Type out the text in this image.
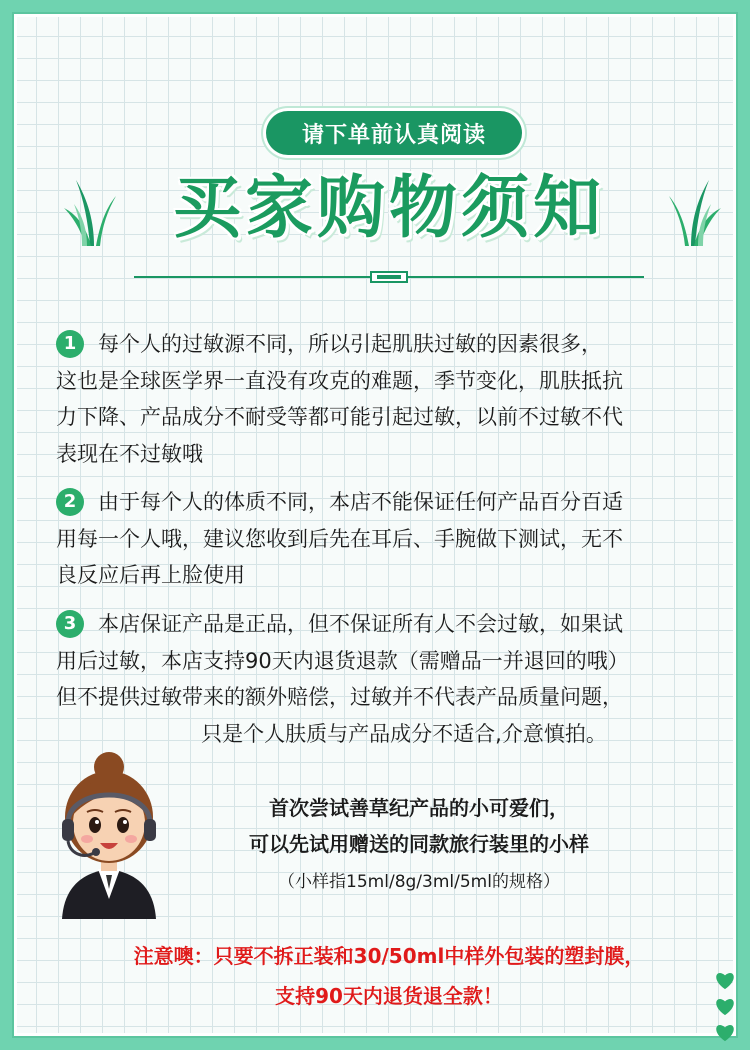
请下单前认真阅读
买家购物须知
1 每个人的过敏源不同，所以引起肌肤过敏的因素很多，
这也是全球医学界一直没有攻克的难题，季节变化，肌肤抵抗
力下降、产品成分不耐受等都可能引起过敏，以前不过敏不代
表现在不过敏哦
2 由于每个人的体质不同，本店不能保证任何产品百分百适
用每一个人哦，建议您收到后先在耳后、手腕做下测试，无不
良反应后再上脸使用
3 本店保证产品是正品，但不保证所有人不会过敏，如果试
用后过敏，本店支持90天内退货退款（需赠品一并退回的哦）
但不提供过敏带来的额外赔偿，过敏并不代表产品质量问题，
只是个人肤质与产品成分不适合,介意慎拍。
首次尝试善草纪产品的小可爱们，
可以先试用赠送的同款旅行装里的小样
（小样指15ml/8g/3ml/5ml的规格）
注意噢：只要不拆正装和30/50ml中样外包装的塑封膜，
支持90天内退货退全款！
